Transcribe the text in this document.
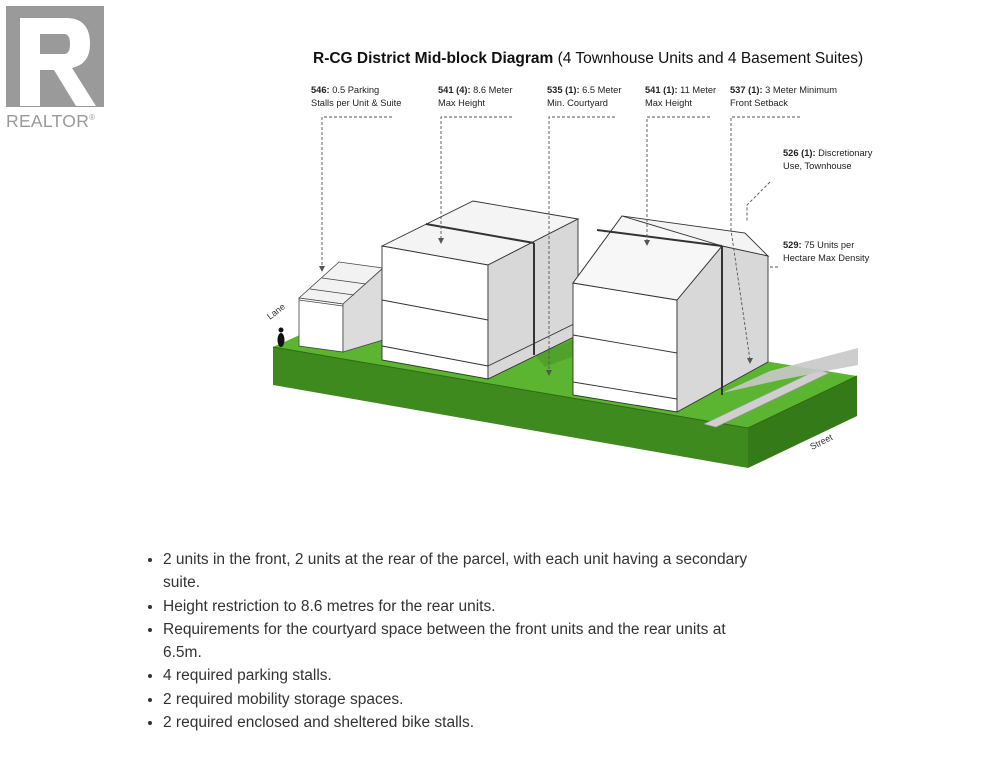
REALTOR®
R-CG District Mid-block Diagram (4 Townhouse Units and 4 Basement Suites)
546: 0.5 Parking
Stalls per Unit & Suite
541 (4): 8.6 Meter
Max Height
535 (1): 6.5 Meter
Min. Courtyard
541 (1): 11 Meter
Max Height
537 (1): 3 Meter Minimum
Front Setback
526 (1): Discretionary
Use, Townhouse
529: 75 Units per
Hectare Max Density
Lane
Street
• 2 units in the front, 2 units at the rear of the parcel, with each unit having a secondary suite.
• Height restriction to 8.6 metres for the rear units.
• Requirements for the courtyard space between the front units and the rear units at 6.5m.
• 4 required parking stalls.
• 2 required mobility storage spaces.
• 2 required enclosed and sheltered bike stalls.
